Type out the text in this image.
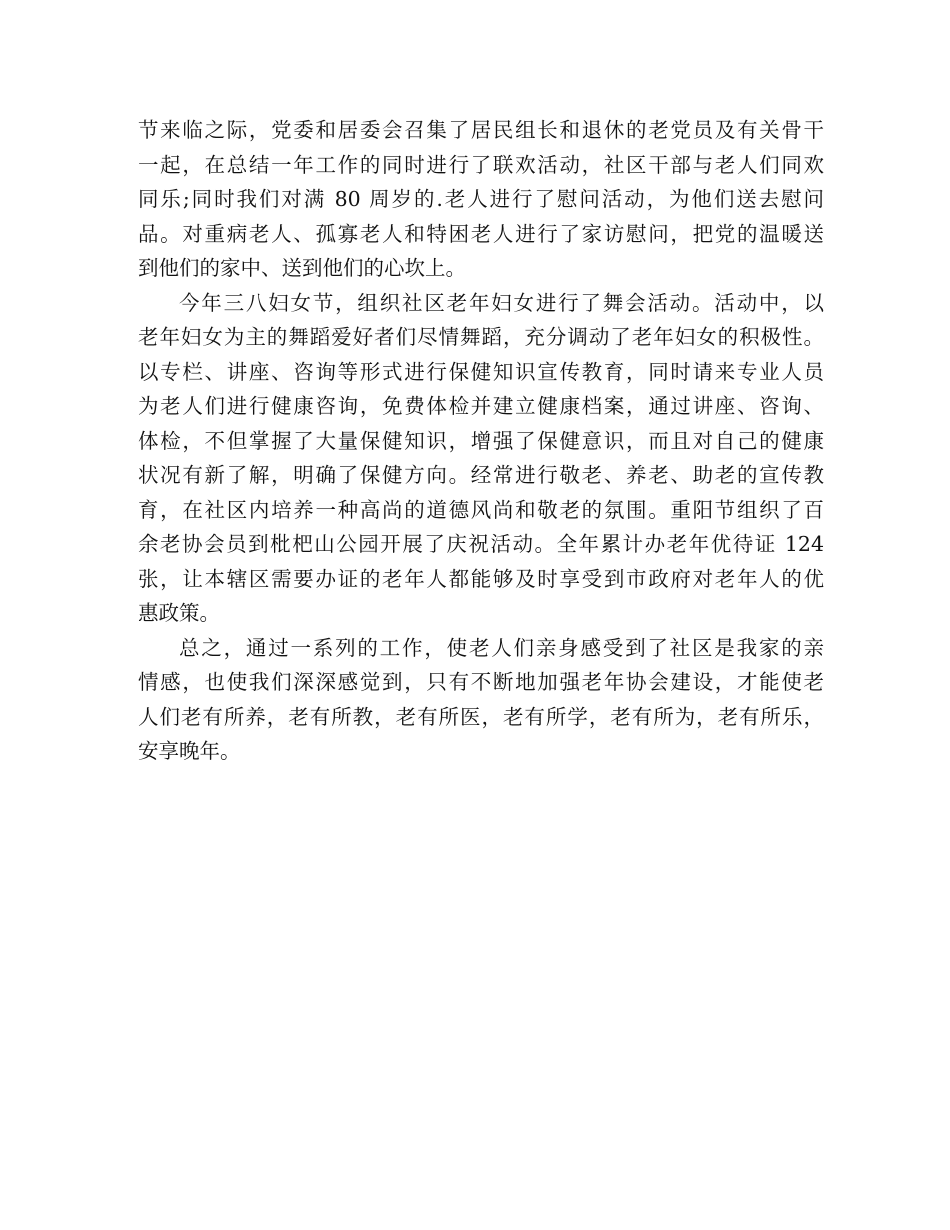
节来临之际，党委和居委会召集了居民组长和退休的老党员及有关骨干
一起，在总结一年工作的同时进行了联欢活动，社区干部与老人们同欢
同乐;同时我们对满 80 周岁的.老人进行了慰问活动，为他们送去慰问
品。对重病老人、孤寡老人和特困老人进行了家访慰问，把党的温暖送
到他们的家中、送到他们的心坎上。
今年三八妇女节，组织社区老年妇女进行了舞会活动。活动中，以
老年妇女为主的舞蹈爱好者们尽情舞蹈，充分调动了老年妇女的积极性。
以专栏、讲座、咨询等形式进行保健知识宣传教育，同时请来专业人员
为老人们进行健康咨询，免费体检并建立健康档案，通过讲座、咨询、
体检，不但掌握了大量保健知识，增强了保健意识，而且对自己的健康
状况有新了解，明确了保健方向。经常进行敬老、养老、助老的宣传教
育，在社区内培养一种高尚的道德风尚和敬老的氛围。重阳节组织了百
余老协会员到枇杷山公园开展了庆祝活动。全年累计办老年优待证 124
张，让本辖区需要办证的老年人都能够及时享受到市政府对老年人的优
惠政策。
总之，通过一系列的工作，使老人们亲身感受到了社区是我家的亲
情感，也使我们深深感觉到，只有不断地加强老年协会建设，才能使老
人们老有所养，老有所教，老有所医，老有所学，老有所为，老有所乐，
安享晚年。
